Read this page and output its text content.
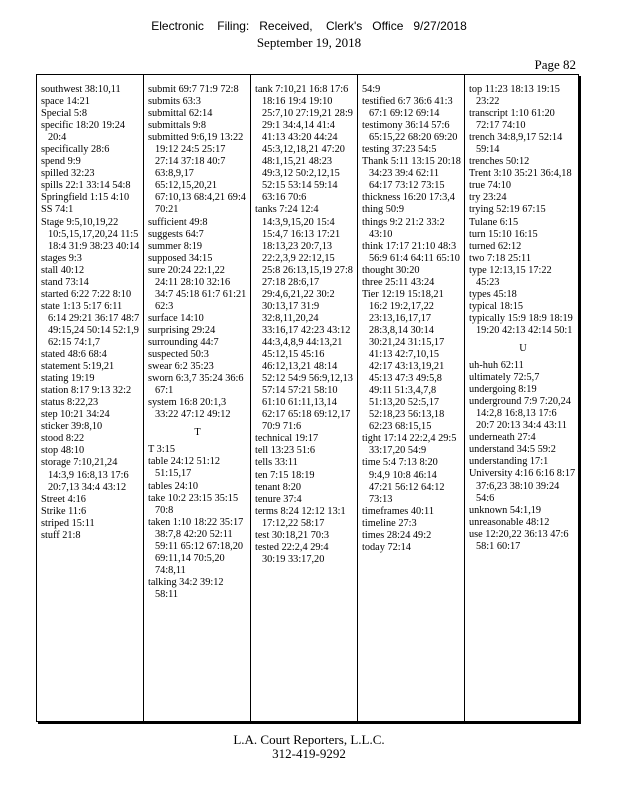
Electronic    Filing:   Received,    Clerk's   Office   9/27/2018
September 19, 2018
Page 82
southwest 38:10,11
space 14:21
Special 5:8
specific 18:20 19:24 20:4
specifically 28:6
spend 9:9
spilled 32:23
spills 22:1 33:14 54:8
Springfield 1:15 4:10
SS 74:1
Stage 9:5,10,19,22 10:5,15,17,20,24 11:5 18:4 31:9 38:23 40:14
stages 9:3
stall 40:12
stand 73:14
started 6:22 7:22 8:10
state 1:13 5:17 6:11 6:14 29:21 36:17 48:7 49:15,24 50:14 52:1,9 62:15 74:1,7
stated 48:6 68:4
statement 5:19,21
stating 19:19
station 8:17 9:13 32:2
status 8:22,23
step 10:21 34:24
sticker 39:8,10
stood 8:22
stop 48:10
storage 7:10,21,24 14:3,9 16:8,13 17:6 20:7,13 34:4 43:12
Street 4:16
Strike 11:6
striped 15:11
stuff 21:8
submit 69:7 71:9 72:8
submits 63:3
submittal 62:14
submittals 9:8
submitted 9:6,19 13:22 19:12 24:5 25:17 27:14 37:18 40:7 63:8,9,17 65:12,15,20,21 67:10,13 68:4,21 69:4 70:21
sufficient 49:8
suggests 64:7
summer 8:19
supposed 34:15
sure 20:24 22:1,22 24:11 28:10 32:16 34:7 45:18 61:7 61:21 62:3
surface 14:10
surprising 29:24
surrounding 44:7
suspected 50:3
swear 6:2 35:23
sworn 6:3,7 35:24 36:6 67:1
system 16:8 20:1,3 33:22 47:12 49:12
T
T 3:15
table 24:12 51:12 51:15,17
tables 24:10
take 10:2 23:15 35:15 70:8
taken 1:10 18:22 35:17 38:7,8 42:20 52:11 59:11 65:12 67:18,20 69:11,14 70:5,20 74:8,11
talking 34:2 39:12 58:11
tank 7:10,21 16:8 17:6 18:16 19:4 19:10 25:7,10 27:19,21 28:9 29:1 34:4,14 41:4 41:13 43:20 44:24 45:3,12,18,21 47:20 48:1,15,21 48:23 49:3,12 50:2,12,15 52:15 53:14 59:14 63:16 70:6
tanks 7:24 12:4 14:3,9,15,20 15:4 15:4,7 16:13 17:21 18:13,23 20:7,13 22:2,3,9 22:12,15 25:8 26:13,15,19 27:8 27:18 28:6,17 29:4,6,21,22 30:2 30:13,17 31:9 32:8,11,20,24 33:16,17 42:23 43:12 44:3,4,8,9 44:13,21 45:12,15 45:16 46:12,13,21 48:14 52:12 54:9 56:9,12,13 57:14 57:21 58:10 61:10 61:11,13,14 62:17 65:18 69:12,17 70:9 71:6
technical 19:17
tell 13:23 51:6
tells 33:11
ten 7:15 18:19
tenant 8:20
tenure 37:4
terms 8:24 12:12 13:1 17:12,22 58:17
test 30:18,21 70:3
tested 22:2,4 29:4 30:19 33:17,20
54:9
testified 6:7 36:6 41:3 67:1 69:12 69:14
testimony 36:14 57:6 65:15,22 68:20 69:20
testing 37:23 54:5
Thank 5:11 13:15 20:18 34:23 39:4 62:11 64:17 73:12 73:15
thickness 16:20 17:3,4
thing 50:9
things 9:2 21:2 33:2 43:10
think 17:17 21:10 48:3 56:9 61:4 64:11 65:10
thought 30:20
three 25:11 43:24
Tier 12:19 15:18,21 16:2 19:2,17,22 23:13,16,17,17 28:3,8,14 30:14 30:21,24 31:15,17 41:13 42:7,10,15 42:17 43:13,19,21 45:13 47:3 49:5,8 49:11 51:3,4,7,8 51:13,20 52:5,17 52:18,23 56:13,18 62:23 68:15,15
tight 17:14 22:2,4 29:5 33:17,20 54:9
time 5:4 7:13 8:20 9:4,9 10:8 46:14 47:21 56:12 64:12 73:13
timeframes 40:11
timeline 27:3
times 28:24 49:2
today 72:14
top 11:23 18:13 19:15 23:22
transcript 1:10 61:20 72:17 74:10
trench 34:8,9,17 52:14 59:14
trenches 50:12
Trent 3:10 35:21 36:4,18
true 74:10
try 23:24
trying 52:19 67:15
Tulane 6:15
turn 15:10 16:15
turned 62:12
two 7:18 25:11
type 12:13,15 17:22 45:23
types 45:18
typical 18:15
typically 15:9 18:9 18:19 19:20 42:13 42:14 50:1
U
uh-huh 62:11
ultimately 72:5,7
undergoing 8:19
underground 7:9 7:20,24 14:2,8 16:8,13 17:6 20:7 20:13 34:4 43:11
underneath 27:4
understand 34:5 59:2
understanding 17:1
University 4:16 6:16 8:17 37:6,23 38:10 39:24 54:6
unknown 54:1,19
unreasonable 48:12
use 12:20,22 36:13 47:6 58:1 60:17
L.A. Court Reporters, L.L.C.
312-419-9292
